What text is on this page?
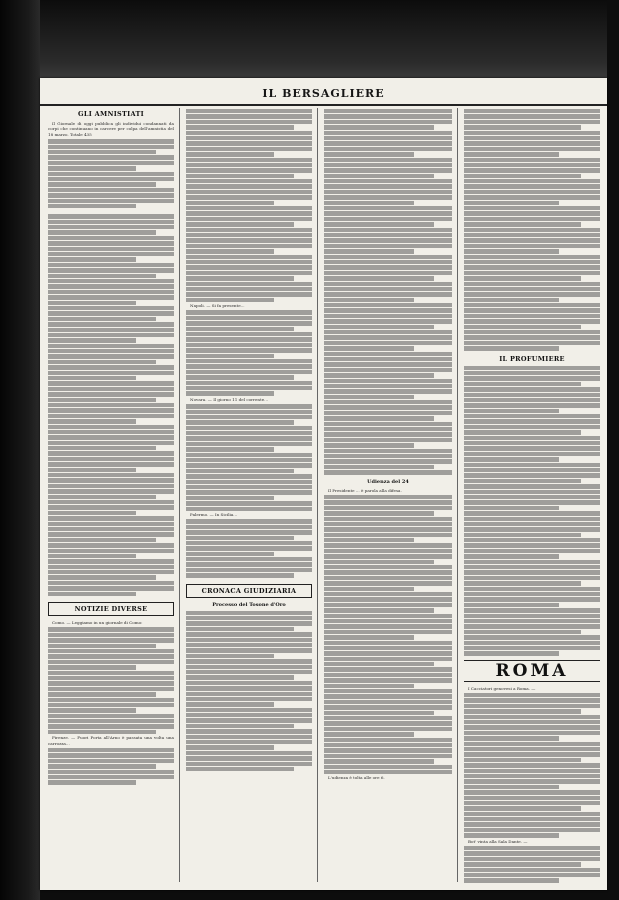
IL BERSAGLIERE
GLI AMNISTIATI

Il Giornale di oggi pubblica gli individui condannati da corpi che continuano in carcere per colpa dell'amnistia del 18 marzo. Totale 435

NOTIZIE DIVERSE

Como. — Leggiamo in un giornale di Como:

Firenze. — Fuori Porta all'Arno è passata una volta una carrozza...

Napoli. — Si fa presente...

Novara. — Il giorno 11 del corrente...

Palermo. — In Sicilia...

CRONACA GIUDIZIARIA
Processo del Tosone d'Oro
Udienza del 24

Il Presidente ... è parola alla difesa.

L'udienza è tolta alle ore 6.

IL PROFUMIERE
ROMA

I Cacciatori genovesi a Roma. —

Bot' vinta alla Sala Dante. —
